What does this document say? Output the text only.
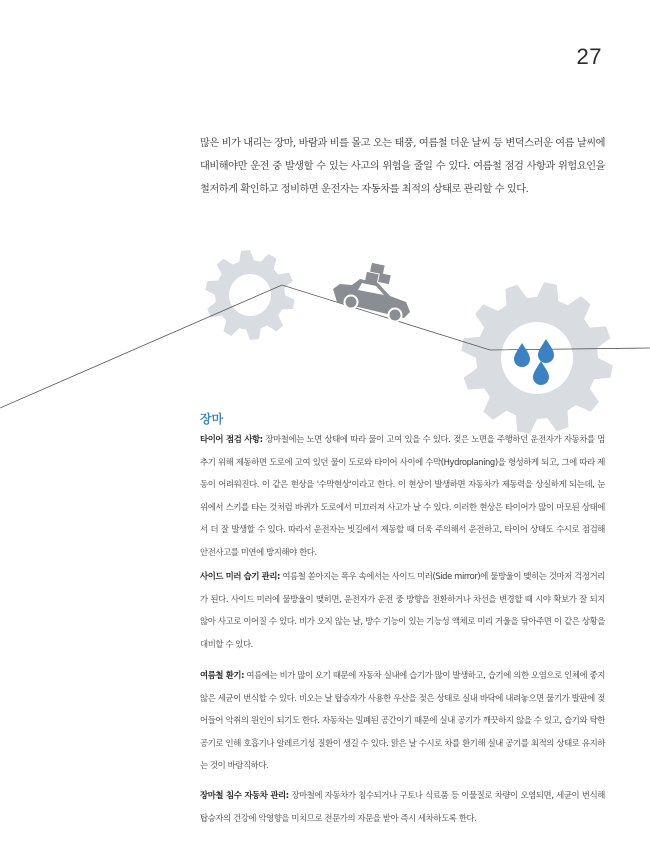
27

많은 비가 내리는 장마, 바람과 비를 몰고 오는 태풍, 여름철 더운 날씨 등 변덕스러운 여름 날씨에 대비해야만 운전 중 발생할 수 있는 사고의 위험을 줄일 수 있다. 여름철 점검 사항과 위험요인을 철저하게 확인하고 정비하면 운전자는 자동차를 최적의 상태로 관리할 수 있다.

장마

타이어 점검 사항: 장마철에는 노면 상태에 따라 물이 고여 있을 수 있다. 젖은 노면을 주행하던 운전자가 자동차를 멈추기 위해 제동하면 도로에 고여 있던 물이 도로와 타이어 사이에 수막(Hydroplaning)을 형성하게 되고, 그에 따라 제동이 어려워진다. 이 같은 현상을 '수막현상'이라고 한다. 이 현상이 발생하면 자동차가 제동력을 상실하게 되는데, 눈 위에서 스키를 타는 것처럼 바퀴가 도로에서 미끄러져 사고가 날 수 있다. 이러한 현상은 타이어가 많이 마모된 상태에서 더 잘 발생할 수 있다. 따라서 운전자는 빗길에서 제동할 때 더욱 주의해서 운전하고, 타이어 상태도 수시로 점검해 안전사고를 미연에 방지해야 한다.

사이드 미러 습기 관리: 여름철 쏟아지는 폭우 속에서는 사이드 미러(Side mirror)에 물방울이 맺히는 것마저 걱정거리가 된다. 사이드 미러에 물방울이 맺히면, 운전자가 운전 중 방향을 전환하거나 차선을 변경할 때 시야 확보가 잘 되지 않아 사고로 이어질 수 있다. 비가 오지 않는 날, 방수 기능이 있는 기능성 액체로 미리 거울을 닦아주면 이 같은 상황을 대비할 수 있다.

여름철 환기: 여름에는 비가 많이 오기 때문에 자동차 실내에 습기가 많이 발생하고, 습기에 의한 오염으로 인체에 좋지 않은 세균이 번식할 수 있다. 비오는 날 탑승자가 사용한 우산을 젖은 상태로 실내 바닥에 내려놓으면 물기가 발판에 젖어들어 악취의 원인이 되기도 한다. 자동차는 밀폐된 공간이기 때문에 실내 공기가 깨끗하지 않을 수 있고, 습기와 탁한 공기로 인해 호흡기나 알레르기성 질환이 생길 수 있다. 맑은 날 수시로 차를 환기해 실내 공기를 최적의 상태로 유지하는 것이 바람직하다.

장마철 침수 자동차 관리: 장마철에 자동차가 침수되거나 구토나 식료품 등 이물질로 차량이 오염되면, 세균이 번식해 탑승자의 건강에 악영향을 미치므로 전문가의 자문을 받아 즉시 세차하도록 한다.
